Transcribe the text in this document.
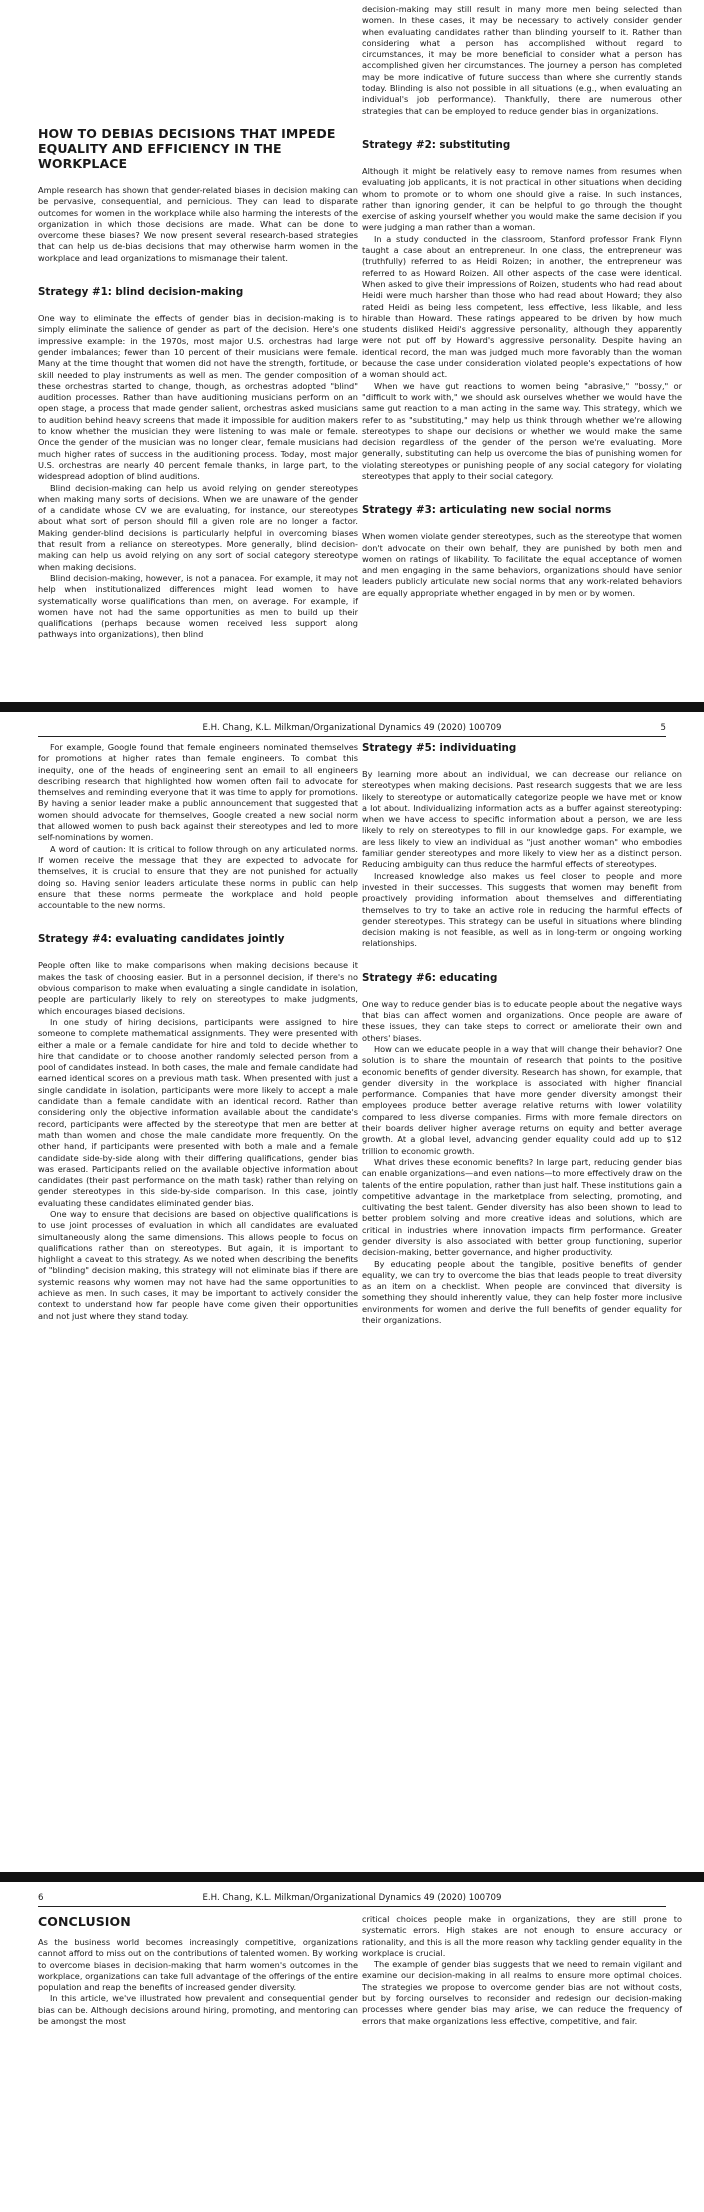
HOW TO DEBIAS DECISIONS THAT IMPEDE EQUALITY AND EFFICIENCY IN THE WORKPLACE

Ample research has shown that gender-related biases in decision making can be pervasive, consequential, and pernicious. They can lead to disparate outcomes for women in the workplace while also harming the interests of the organization in which those decisions are made. What can be done to overcome these biases? We now present several research-based strategies that can help us de-bias decisions that may otherwise harm women in the workplace and lead organizations to mismanage their talent.

Strategy #1: blind decision-making

One way to eliminate the effects of gender bias in decision-making is to simply eliminate the salience of gender as part of the decision. Here's one impressive example: in the 1970s, most major U.S. orchestras had large gender imbalances; fewer than 10 percent of their musicians were female. Many at the time thought that women did not have the strength, fortitude, or skill needed to play instruments as well as men. The gender composition of these orchestras started to change, though, as orchestras adopted "blind" audition processes. Rather than have auditioning musicians perform on an open stage, a process that made gender salient, orchestras asked musicians to audition behind heavy screens that made it impossible for audition makers to know whether the musician they were listening to was male or female. Once the gender of the musician was no longer clear, female musicians had much higher rates of success in the auditioning process. Today, most major U.S. orchestras are nearly 40 percent female thanks, in large part, to the widespread adoption of blind auditions.

Blind decision-making can help us avoid relying on gender stereotypes when making many sorts of decisions. When we are unaware of the gender of a candidate whose CV we are evaluating, for instance, our stereotypes about what sort of person should fill a given role are no longer a factor. Making gender-blind decisions is particularly helpful in overcoming biases that result from a reliance on stereotypes. More generally, blind decision-making can help us avoid relying on any sort of social category stereotype when making decisions.

Blind decision-making, however, is not a panacea. For example, it may not help when institutionalized differences might lead women to have systematically worse qualifications than men, on average. For example, if women have not had the same opportunities as men to build up their qualifications (perhaps because women received less support along pathways into organizations), then blind

decision-making may still result in many more men being selected than women. In these cases, it may be necessary to actively consider gender when evaluating candidates rather than blinding yourself to it. Rather than considering what a person has accomplished without regard to circumstances, it may be more beneficial to consider what a person has accomplished given her circumstances. The journey a person has completed may be more indicative of future success than where she currently stands today. Blinding is also not possible in all situations (e.g., when evaluating an individual's job performance). Thankfully, there are numerous other strategies that can be employed to reduce gender bias in organizations.

Strategy #2: substituting

Although it might be relatively easy to remove names from resumes when evaluating job applicants, it is not practical in other situations when deciding whom to promote or to whom one should give a raise. In such instances, rather than ignoring gender, it can be helpful to go through the thought exercise of asking yourself whether you would make the same decision if you were judging a man rather than a woman.

In a study conducted in the classroom, Stanford professor Frank Flynn taught a case about an entrepreneur. In one class, the entrepreneur was (truthfully) referred to as Heidi Roizen; in another, the entrepreneur was referred to as Howard Roizen. All other aspects of the case were identical. When asked to give their impressions of Roizen, students who had read about Heidi were much harsher than those who had read about Howard; they also rated Heidi as being less competent, less effective, less likable, and less hirable than Howard. These ratings appeared to be driven by how much students disliked Heidi's aggressive personality, although they apparently were not put off by Howard's aggressive personality. Despite having an identical record, the man was judged much more favorably than the woman because the case under consideration violated people's expectations of how a woman should act.

When we have gut reactions to women being "abrasive," "bossy," or "difficult to work with," we should ask ourselves whether we would have the same gut reaction to a man acting in the same way. This strategy, which we refer to as "substituting," may help us think through whether we're allowing stereotypes to shape our decisions or whether we would make the same decision regardless of the gender of the person we're evaluating. More generally, substituting can help us overcome the bias of punishing women for violating stereotypes or punishing people of any social category for violating stereotypes that apply to their social category.

Strategy #3: articulating new social norms

When women violate gender stereotypes, such as the stereotype that women don't advocate on their own behalf, they are punished by both men and women on ratings of likability. To facilitate the equal acceptance of women and men engaging in the same behaviors, organizations should have senior leaders publicly articulate new social norms that any work-related behaviors are equally appropriate whether engaged in by men or by women.

E.H. Chang, K.L. Milkman/Organizational Dynamics 49 (2020) 100709	5

For example, Google found that female engineers nominated themselves for promotions at higher rates than female engineers. To combat this inequity, one of the heads of engineering sent an email to all engineers describing research that highlighted how women often fail to advocate for themselves and reminding everyone that it was time to apply for promotions. By having a senior leader make a public announcement that suggested that women should advocate for themselves, Google created a new social norm that allowed women to push back against their stereotypes and led to more self-nominations by women.

A word of caution: It is critical to follow through on any articulated norms. If women receive the message that they are expected to advocate for themselves, it is crucial to ensure that they are not punished for actually doing so. Having senior leaders articulate these norms in public can help ensure that these norms permeate the workplace and hold people accountable to the new norms.

Strategy #4: evaluating candidates jointly

People often like to make comparisons when making decisions because it makes the task of choosing easier. But in a personnel decision, if there's no obvious comparison to make when evaluating a single candidate in isolation, people are particularly likely to rely on stereotypes to make judgments, which encourages biased decisions.

In one study of hiring decisions, participants were assigned to hire someone to complete mathematical assignments. They were presented with either a male or a female candidate for hire and told to decide whether to hire that candidate or to choose another randomly selected person from a pool of candidates instead. In both cases, the male and female candidate had earned identical scores on a previous math task. When presented with just a single candidate in isolation, participants were more likely to accept a male candidate than a female candidate with an identical record. Rather than considering only the objective information available about the candidate's record, participants were affected by the stereotype that men are better at math than women and chose the male candidate more frequently. On the other hand, if participants were presented with both a male and a female candidate side-by-side along with their differing qualifications, gender bias was erased. Participants relied on the available objective information about candidates (their past performance on the math task) rather than relying on gender stereotypes in this side-by-side comparison. In this case, jointly evaluating these candidates eliminated gender bias.

One way to ensure that decisions are based on objective qualifications is to use joint processes of evaluation in which all candidates are evaluated simultaneously along the same dimensions. This allows people to focus on qualifications rather than on stereotypes. But again, it is important to highlight a caveat to this strategy. As we noted when describing the benefits of "blinding" decision making, this strategy will not eliminate bias if there are systemic reasons why women may not have had the same opportunities to achieve as men. In such cases, it may be important to actively consider the context to understand how far people have come given their opportunities and not just where they stand today.

Strategy #5: individuating

By learning more about an individual, we can decrease our reliance on stereotypes when making decisions. Past research suggests that we are less likely to stereotype or automatically categorize people we have met or know a lot about. Individualizing information acts as a buffer against stereotyping: when we have access to specific information about a person, we are less likely to rely on stereotypes to fill in our knowledge gaps. For example, we are less likely to view an individual as "just another woman" who embodies familiar gender stereotypes and more likely to view her as a distinct person. Reducing ambiguity can thus reduce the harmful effects of stereotypes.

Increased knowledge also makes us feel closer to people and more invested in their successes. This suggests that women may benefit from proactively providing information about themselves and differentiating themselves to try to take an active role in reducing the harmful effects of gender stereotypes. This strategy can be useful in situations where blinding decision making is not feasible, as well as in long-term or ongoing working relationships.

Strategy #6: educating

One way to reduce gender bias is to educate people about the negative ways that bias can affect women and organizations. Once people are aware of these issues, they can take steps to correct or ameliorate their own and others' biases.

How can we educate people in a way that will change their behavior? One solution is to share the mountain of research that points to the positive economic benefits of gender diversity. Research has shown, for example, that gender diversity in the workplace is associated with higher financial performance. Companies that have more gender diversity amongst their employees produce better average relative returns with lower volatility compared to less diverse companies. Firms with more female directors on their boards deliver higher average returns on equity and better average growth. At a global level, advancing gender equality could add up to $12 trillion to economic growth.

What drives these economic benefits? In large part, reducing gender bias can enable organizations—and even nations—to more effectively draw on the talents of the entire population, rather than just half. These institutions gain a competitive advantage in the marketplace from selecting, promoting, and cultivating the best talent. Gender diversity has also been shown to lead to better problem solving and more creative ideas and solutions, which are critical in industries where innovation impacts firm performance. Greater gender diversity is also associated with better group functioning, superior decision-making, better governance, and higher productivity.

By educating people about the tangible, positive benefits of gender equality, we can try to overcome the bias that leads people to treat diversity as an item on a checklist. When people are convinced that diversity is something they should inherently value, they can help foster more inclusive environments for women and derive the full benefits of gender equality for their organizations.

6	E.H. Chang, K.L. Milkman/Organizational Dynamics 49 (2020) 100709
CONCLUSION

As the business world becomes increasingly competitive, organizations cannot afford to miss out on the contributions of talented women. By working to overcome biases in decision-making that harm women's outcomes in the workplace, organizations can take full advantage of the offerings of the entire population and reap the benefits of increased gender diversity.

In this article, we've illustrated how prevalent and consequential gender bias can be. Although decisions around hiring, promoting, and mentoring can be amongst the most

critical choices people make in organizations, they are still prone to systematic errors. High stakes are not enough to ensure accuracy or rationality, and this is all the more reason why tackling gender equality in the workplace is crucial.

The example of gender bias suggests that we need to remain vigilant and examine our decision-making in all realms to ensure more optimal choices. The strategies we propose to overcome gender bias are not without costs, but by forcing ourselves to reconsider and redesign our decision-making processes where gender bias may arise, we can reduce the frequency of errors that make organizations less effective, competitive, and fair.
